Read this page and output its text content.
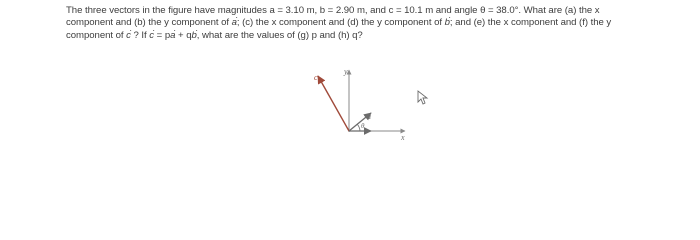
The three vectors in the figure have magnitudes a = 3.10 m, b = 2.90 m, and c = 10.1 m and angle θ = 38.0°. What are (a) the x
component and (b) the y component of a; (c) the x component and (d) the y component of b; and (e) the x component and (f) the y
component of c ? If c = pa + qb, what are the values of (g) p and (h) q?
y
x
c
a
θ
